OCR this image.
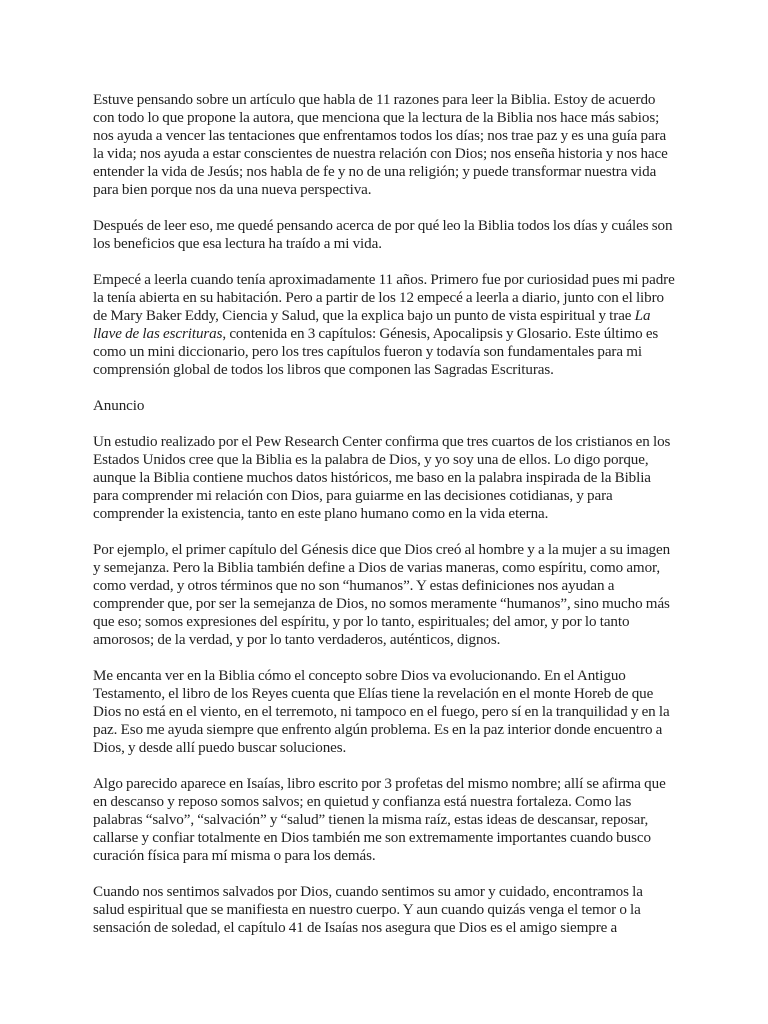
Estuve pensando sobre un artículo que habla de 11 razones para leer la Biblia. Estoy de acuerdo con todo lo que propone la autora, que menciona que la lectura de la Biblia nos hace más sabios; nos ayuda a vencer las tentaciones que enfrentamos todos los días; nos trae paz y es una guía para la vida; nos ayuda a estar conscientes de nuestra relación con Dios; nos enseña historia y nos hace entender la vida de Jesús; nos habla de fe y no de una religión; y puede transformar nuestra vida para bien porque nos da una nueva perspectiva.

Después de leer eso, me quedé pensando acerca de por qué leo la Biblia todos los días y cuáles son los beneficios que esa lectura ha traído a mi vida.

Empecé a leerla cuando tenía aproximadamente 11 años. Primero fue por curiosidad pues mi padre la tenía abierta en su habitación. Pero a partir de los 12 empecé a leerla a diario, junto con el libro de Mary Baker Eddy, Ciencia y Salud, que la explica bajo un punto de vista espiritual y trae La llave de las escrituras, contenida en 3 capítulos: Génesis, Apocalipsis y Glosario. Este último es como un mini diccionario, pero los tres capítulos fueron y todavía son fundamentales para mi comprensión global de todos los libros que componen las Sagradas Escrituras.

Anuncio

Un estudio realizado por el Pew Research Center confirma que tres cuartos de los cristianos en los Estados Unidos cree que la Biblia es la palabra de Dios, y yo soy una de ellos. Lo digo porque, aunque la Biblia contiene muchos datos históricos, me baso en la palabra inspirada de la Biblia para comprender mi relación con Dios, para guiarme en las decisiones cotidianas, y para comprender la existencia, tanto en este plano humano como en la vida eterna.

Por ejemplo, el primer capítulo del Génesis dice que Dios creó al hombre y a la mujer a su imagen y semejanza. Pero la Biblia también define a Dios de varias maneras, como espíritu, como amor, como verdad, y otros términos que no son “humanos”. Y estas definiciones nos ayudan a comprender que, por ser la semejanza de Dios, no somos meramente “humanos”, sino mucho más que eso; somos expresiones del espíritu, y por lo tanto, espirituales; del amor, y por lo tanto amorosos; de la verdad, y por lo tanto verdaderos, auténticos, dignos.

Me encanta ver en la Biblia cómo el concepto sobre Dios va evolucionando. En el Antiguo Testamento, el libro de los Reyes cuenta que Elías tiene la revelación en el monte Horeb de que Dios no está en el viento, en el terremoto, ni tampoco en el fuego, pero sí en la tranquilidad y en la paz. Eso me ayuda siempre que enfrento algún problema. Es en la paz interior donde encuentro a Dios, y desde allí puedo buscar soluciones.

Algo parecido aparece en Isaías, libro escrito por 3 profetas del mismo nombre; allí se afirma que en descanso y reposo somos salvos; en quietud y confianza está nuestra fortaleza. Como las palabras “salvo”, “salvación” y “salud” tienen la misma raíz, estas ideas de descansar, reposar, callarse y confiar totalmente en Dios también me son extremamente importantes cuando busco curación física para mí misma o para los demás.

Cuando nos sentimos salvados por Dios, cuando sentimos su amor y cuidado, encontramos la salud espiritual que se manifiesta en nuestro cuerpo. Y aun cuando quizás venga el temor o la sensación de soledad, el capítulo 41 de Isaías nos asegura que Dios es el amigo siempre a
